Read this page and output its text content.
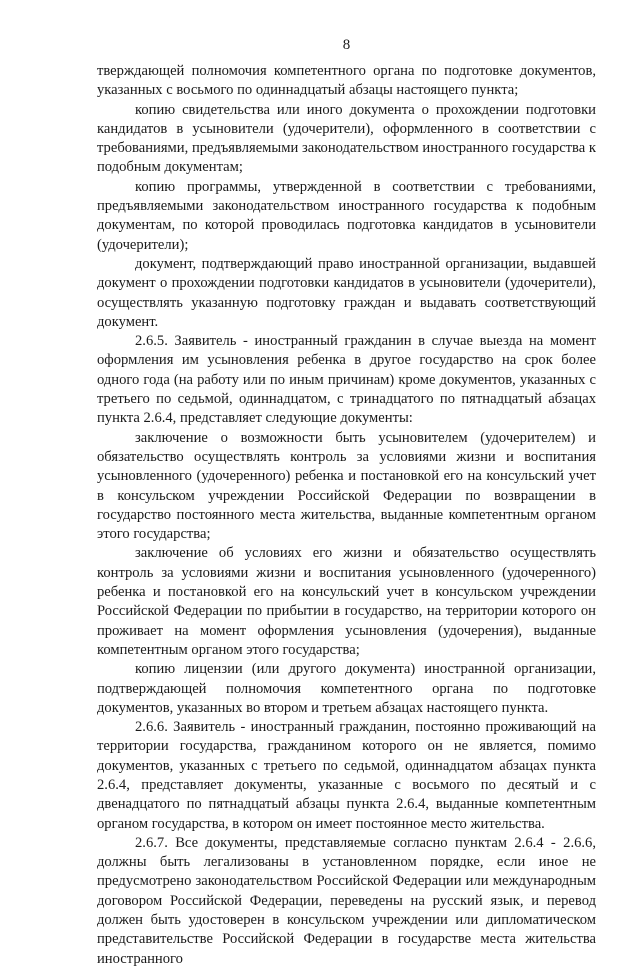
8

тверждающей полномочия компетентного органа по подготовке документов, указанных с восьмого по одиннадцатый абзацы настоящего пункта;

копию свидетельства или иного документа о прохождении подготовки кандидатов в усыновители (удочерители), оформленного в соответствии с требованиями, предъявляемыми законодательством иностранного государства к подобным документам;

копию программы, утвержденной в соответствии с требованиями, предъявляемыми законодательством иностранного государства к подобным документам, по которой проводилась подготовка кандидатов в усыновители (удочерители);

документ, подтверждающий право иностранной организации, выдавшей документ о прохождении подготовки кандидатов в усыновители (удочерители), осуществлять указанную подготовку граждан и выдавать соответствующий документ.

2.6.5. Заявитель - иностранный гражданин в случае выезда на момент оформления им усыновления ребенка в другое государство на срок более одного года (на работу или по иным причинам) кроме документов, указанных с третьего по седьмой, одиннадцатом, с тринадцатого по пятнадцатый абзацах пункта 2.6.4, представляет следующие документы:

заключение о возможности быть усыновителем (удочерителем) и обязательство осуществлять контроль за условиями жизни и воспитания усыновленного (удочеренного) ребенка и постановкой его на консульский учет в консульском учреждении Российской Федерации по возвращении в государство постоянного места жительства, выданные компетентным органом этого государства;

заключение об условиях его жизни и обязательство осуществлять контроль за условиями жизни и воспитания усыновленного (удочеренного) ребенка и постановкой его на консульский учет в консульском учреждении Российской Федерации по прибытии в государство, на территории которого он проживает на момент оформления усыновления (удочерения), выданные компетентным органом этого государства;

копию лицензии (или другого документа) иностранной организации, подтверждающей полномочия компетентного органа по подготовке документов, указанных во втором и третьем абзацах настоящего пункта.

2.6.6. Заявитель - иностранный гражданин, постоянно проживающий на территории государства, гражданином которого он не является, помимо документов, указанных с третьего по седьмой, одиннадцатом абзацах пункта 2.6.4, представляет документы, указанные с восьмого по десятый и с двенадцатого по пятнадцатый абзацы пункта 2.6.4, выданные компетентным органом государства, в котором он имеет постоянное место жительства.

2.6.7. Все документы, представляемые согласно пунктам 2.6.4 - 2.6.6, должны быть легализованы в установленном порядке, если иное не предусмотрено законодательством Российской Федерации или международным договором Российской Федерации, переведены на русский язык, и перевод должен быть удостоверен в консульском учреждении или дипломатическом представительстве Российской Федерации в государстве места жительства иностранного
